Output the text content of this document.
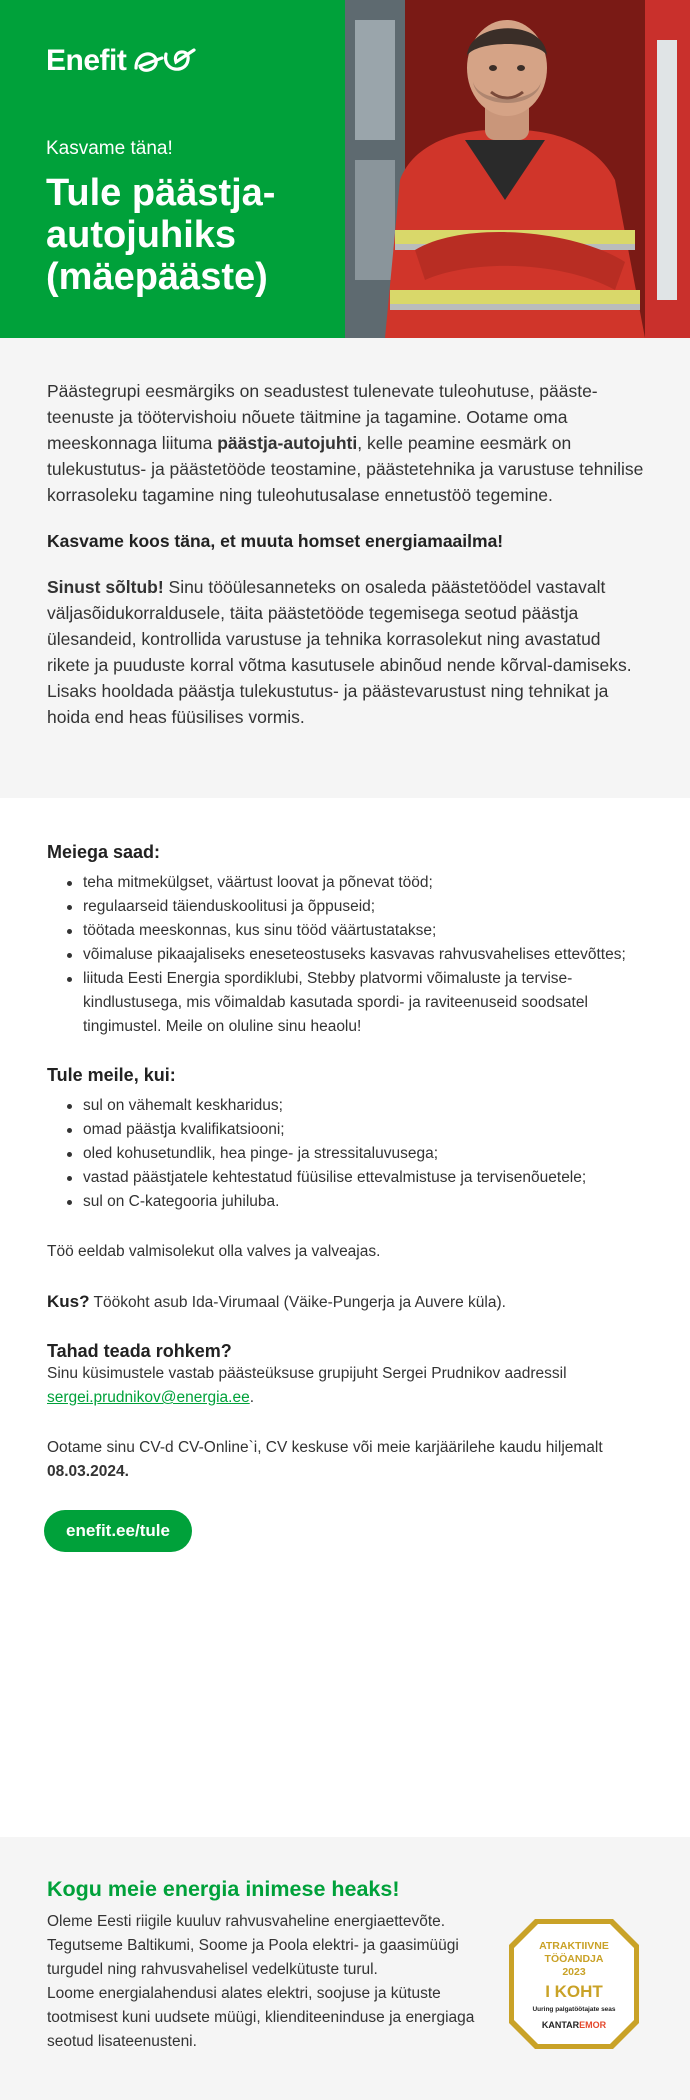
Enefit
Kasvame täna!
Tule päästja-autojuhiks (mäepääste)

Päästegrupi eesmärgiks on seadustest tulenevate tuleohutuse, pääste-teenuste ja töötervishoiu nõuete täitmine ja tagamine. Ootame oma meeskonnaga liituma päästja-autojuhti, kelle peamine eesmärk on tulekustutus- ja päästetööde teostamine, päästetehnika ja varustuse tehnilise korrasoleku tagamine ning tuleohutusalase ennetustöö tegemine.

Kasvame koos täna, et muuta homset energiamaailma!

Sinust sõltub! Sinu tööülesanneteks on osaleda päästetöödel vastavalt väljasõidukorraldusele, täita päästetööde tegemisega seotud päästja ülesandeid, kontrollida varustuse ja tehnika korrasolekut ning avastatud rikete ja puuduste korral võtma kasutusele abinõud nende kõrval-damiseks. Lisaks hooldada päästja tulekustutus- ja päästevarustust ning tehnikat ja hoida end heas füüsilises vormis.

Meiega saad:
teha mitmekülgset, väärtust loovat ja põnevat tööd;
regulaarseid täienduskoolitusi ja õppuseid;
töötada meeskonnas, kus sinu tööd väärtustatakse;
võimaluse pikaajaliseks eneseteostuseks kasvavas rahvusvahelises ettevõttes;
liituda Eesti Energia spordiklubi, Stebby platvormi võimaluste ja tervise-kindlustusega, mis võimaldab kasutada spordi- ja raviteenuseid soodsatel tingimustel. Meile on oluline sinu heaolu!
Tule meile, kui:
sul on vähemalt keskharidus;
omad päästja kvalifikatsiooni;
oled kohusetundlik, hea pinge- ja stressitaluvusega;
vastad päästjatele kehtestatud füüsilise ettevalmistuse ja tervisenõuetele;
sul on C-kategooria juhiluba.

Töö eeldab valmisolekut olla valves ja valveajas.

Kus? Töökoht asub Ida-Virumaal (Väike-Pungerja ja Auvere küla).

Tahad teada rohkem?

Sinu küsimustele vastab päästeüksuse grupijuht Sergei Prudnikov aadressil sergei.prudnikov@energia.ee.

Ootame sinu CV-d CV-Online`i, CV keskuse või meie karjäärilehe kaudu hiljemalt 08.03.2024.

enefit.ee/tule
Kogu meie energia inimese heaks!

Oleme Eesti riigile kuuluv rahvusvaheline energiaettevõte. Tegutseme Baltikumi, Soome ja Poola elektri- ja gaasimüügi turgudel ning rahvusvahelisel vedelkütuste turul.

Loome energialahendusi alates elektri, soojuse ja kütuste tootmisest kuni uudsete müügi, klienditeeninduse ja energiaga seotud lisateenusteni.

ATRAKTIIVNE
TÖÖANDJA
2023
I KOHT
Uuring palgatöötajate seas
KANTAREMOR
